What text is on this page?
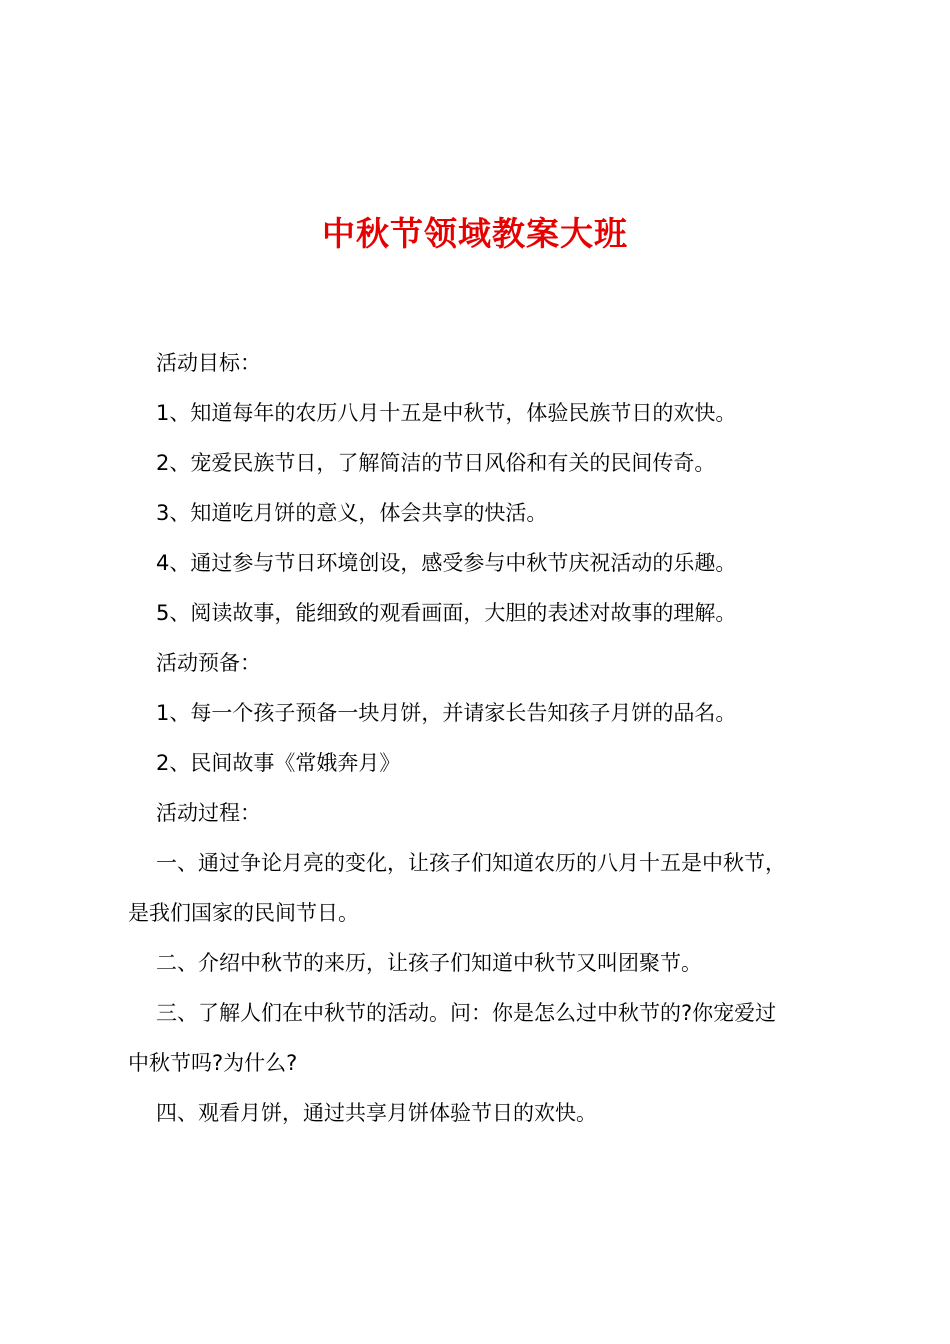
中秋节领域教案大班

活动目标：

1、知道每年的农历八月十五是中秋节，体验民族节日的欢快。

2、宠爱民族节日，了解简洁的节日风俗和有关的民间传奇。

3、知道吃月饼的意义，体会共享的快活。

4、通过参与节日环境创设，感受参与中秋节庆祝活动的乐趣。

5、阅读故事，能细致的观看画面，大胆的表述对故事的理解。

活动预备：

1、每一个孩子预备一块月饼，并请家长告知孩子月饼的品名。

2、民间故事《常娥奔月》

活动过程：

一、通过争论月亮的变化，让孩子们知道农历的八月十五是中秋节，

是我们国家的民间节日。

二、介绍中秋节的来历，让孩子们知道中秋节又叫团聚节。

三、了解人们在中秋节的活动。问：你是怎么过中秋节的?你宠爱过

中秋节吗?为什么?

四、观看月饼，通过共享月饼体验节日的欢快。
